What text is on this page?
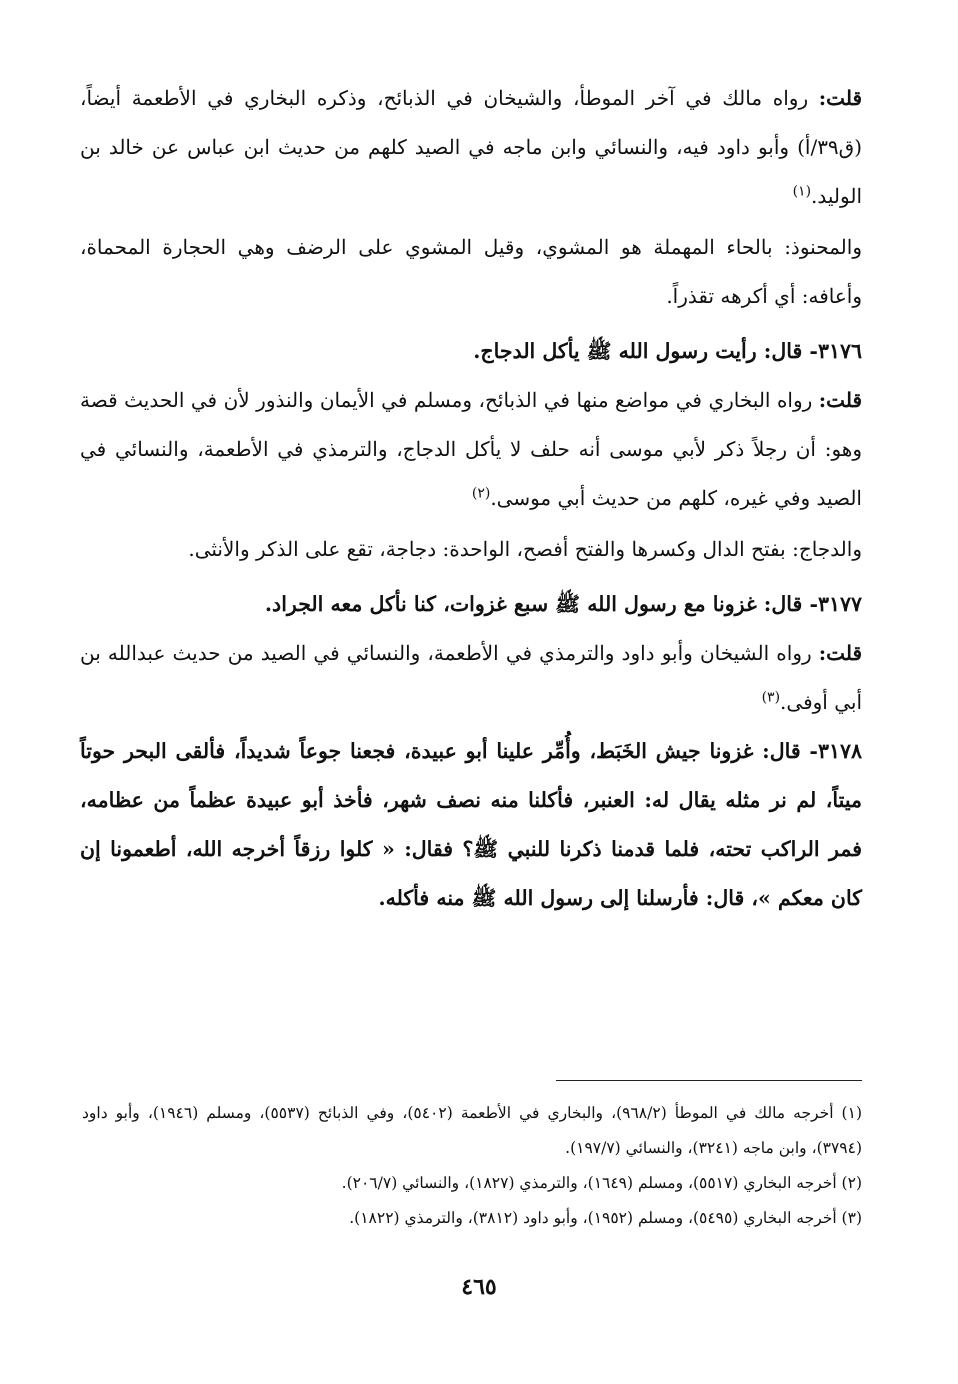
قلت: رواه مالك في آخر الموطأ، والشيخان في الذبائح، وذكره البخاري في الأطعمة أيضاً، (ق٣٩/أ) وأبو داود فيه، والنسائي وابن ماجه في الصيد كلهم من حديث ابن عباس عن خالد بن الوليد.$^{(١)}$

والمحنوذ: بالحاء المهملة هو المشوي، وقيل المشوي على الرضف وهي الحجارة المحماة، وأعافه: أي أكرهه تقذراً.

٣١٧٦- قال: رأيت رسول الله ﷺ يأكل الدجاج.

قلت: رواه البخاري في مواضع منها في الذبائح، ومسلم في الأيمان والنذور لأن في الحديث قصة وهو: أن رجلاً ذكر لأبي موسى أنه حلف لا يأكل الدجاج، والترمذي في الأطعمة، والنسائي في الصيد وفي غيره، كلهم من حديث أبي موسى.$^{(٢)}$

والدجاج: بفتح الدال وكسرها والفتح أفصح، الواحدة: دجاجة، تقع على الذكر والأنثى.

٣١٧٧- قال: غزونا مع رسول الله ﷺ سبع غزوات، كنا نأكل معه الجراد.

قلت: رواه الشيخان وأبو داود والترمذي في الأطعمة، والنسائي في الصيد من حديث عبدالله بن أبي أوفى.$^{(٣)}$

٣١٧٨- قال: غزونا جيش الخَبَط، وأُمِّر علينا أبو عبيدة، فجعنا جوعاً شديداً، فألقى البحر حوتاً ميتاً، لم نر مثله يقال له: العنبر، فأكلنا منه نصف شهر، فأخذ أبو عبيدة عظماً من عظامه، فمر الراكب تحته، فلما قدمنا ذكرنا للنبي ﷺ؟ فقال: « كلوا رزقاً أخرجه الله، أطعمونا إن كان معكم »، قال: فأرسلنا إلى رسول الله ﷺ منه فأكله.

(١) أخرجه مالك في الموطأ (٩٦٨/٢)، والبخاري في الأطعمة (٥٤٠٢)، وفي الذبائح (٥٥٣٧)، ومسلم (١٩٤٦)، وأبو داود (٣٧٩٤)، وابن ماجه (٣٢٤١)، والنسائي (١٩٧/٧).

(٢) أخرجه البخاري (٥٥١٧)، ومسلم (١٦٤٩)، والترمذي (١٨٢٧)، والنسائي (٢٠٦/٧).

(٣) أخرجه البخاري (٥٤٩٥)، ومسلم (١٩٥٢)، وأبو داود (٣٨١٢)، والترمذي (١٨٢٢).

٤٦٥
